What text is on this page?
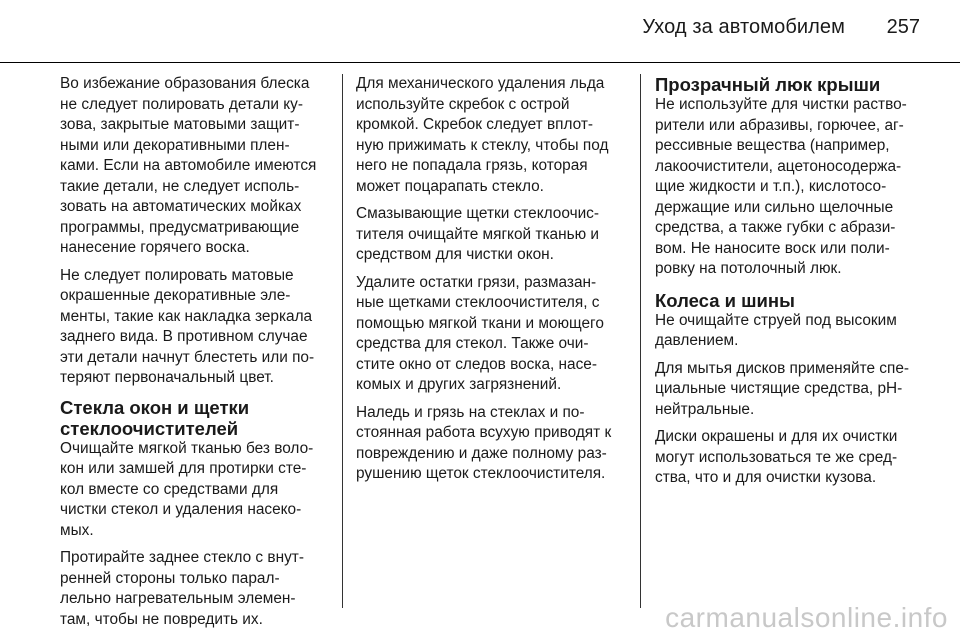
Уход за автомобилем 257

Во избежание образования блеска
не следует полировать детали ку-
зова, закрытые матовыми защит-
ными или декоративными плен-
ками. Если на автомобиле имеются
такие детали, не следует исполь-
зовать на автоматических мойках
программы, предусматривающие
нанесение горячего воска.

Не следует полировать матовые
окрашенные декоративные эле-
менты, такие как накладка зеркала
заднего вида. В противном случае
эти детали начнут блестеть или по-
теряют первоначальный цвет.

Стекла окон и щетки
стеклоочистителей

Очищайте мягкой тканью без воло-
кон или замшей для протирки сте-
кол вместе со средствами для
чистки стекол и удаления насеко-
мых.

Протирайте заднее стекло с внут-
ренней стороны только парал-
лельно нагревательным элемен-
там, чтобы не повредить их.

Для механического удаления льда
используйте скребок с острой
кромкой. Скребок следует вплот-
ную прижимать к стеклу, чтобы под
него не попадала грязь, которая
может поцарапать стекло.

Смазывающие щетки стеклоочис-
тителя очищайте мягкой тканью и
средством для чистки окон.

Удалите остатки грязи, размазан-
ные щетками стеклоочистителя, с
помощью мягкой ткани и моющего
средства для стекол. Также очи-
стите окно от следов воска, насе-
комых и других загрязнений.

Наледь и грязь на стеклах и по-
стоянная работа всухую приводят к
повреждению и даже полному раз-
рушению щеток стеклоочистителя.

Прозрачный люк крыши

Не используйте для чистки раство-
рители или абразивы, горючее, аг-
рессивные вещества (например,
лакоочистители, ацетоносодержа-
щие жидкости и т.п.), кислотосо-
держащие или сильно щелочные
средства, а также губки с абрази-
вом. Не наносите воск или поли-
ровку на потолочный люк.

Колеса и шины

Не очищайте струей под высоким
давлением.

Для мытья дисков применяйте спе-
циальные чистящие средства, pH-
нейтральные.

Диски окрашены и для их очистки
могут использоваться те же сред-
ства, что и для очистки кузова.

carmanualsonline.info
